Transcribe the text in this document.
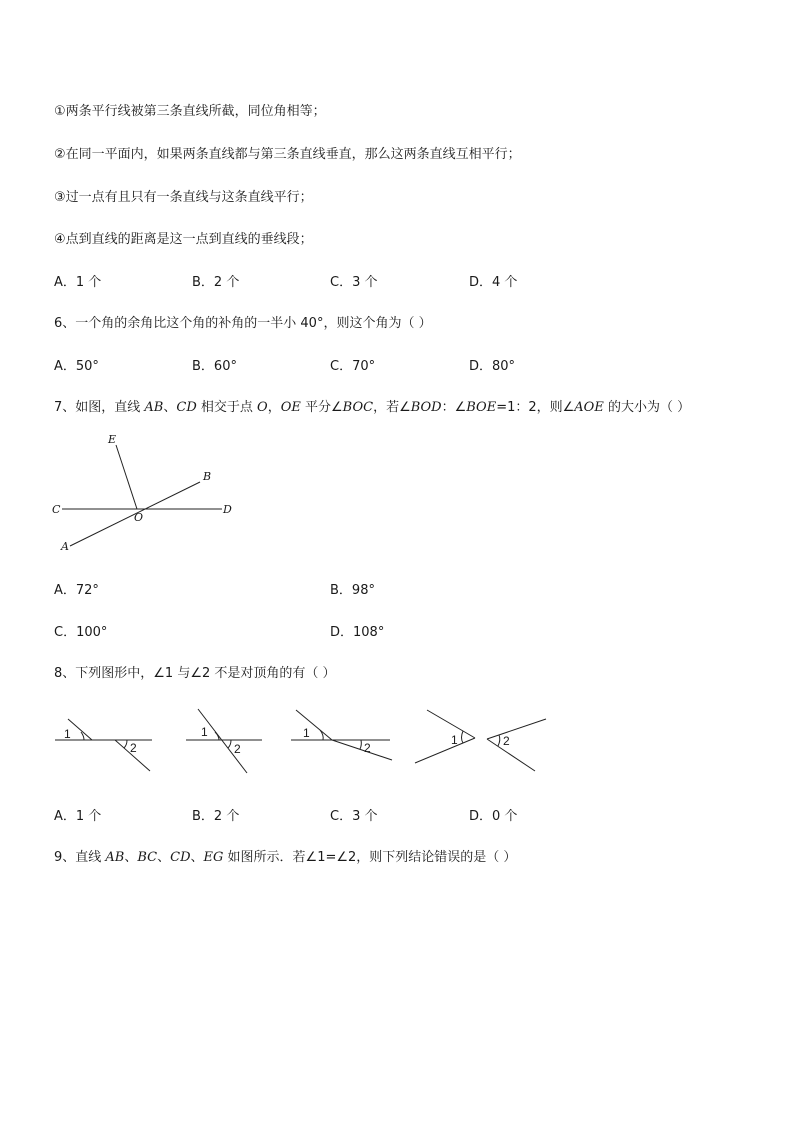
①两条平行线被第三条直线所截，同位角相等；
②在同一平面内，如果两条直线都与第三条直线垂直，那么这两条直线互相平行；
③过一点有且只有一条直线与这条直线平行；
④点到直线的距离是这一点到直线的垂线段；
A．1 个	B．2 个	C．3 个	D．4 个
6、一个角的余角比这个角的补角的一半小 40°，则这个角为（ ）
A．50°	B．60°	C．70°	D．80°
7、如图，直线 AB、CD 相交于点 O，OE 平分∠BOC，若∠BOD：∠BOE=1：2，则∠AOE 的大小为（ ）
E
B
C
O
D
A
A．72°	B．98°
C．100°	D．108°
8、下列图形中，∠1 与∠2 不是对顶角的有（ ）
1
2
1
2
1
2
1	2
A．1 个	B．2 个	C．3 个	D．0 个
9、直线 AB、BC、CD、EG 如图所示．若∠1=∠2，则下列结论错误的是（ ）
